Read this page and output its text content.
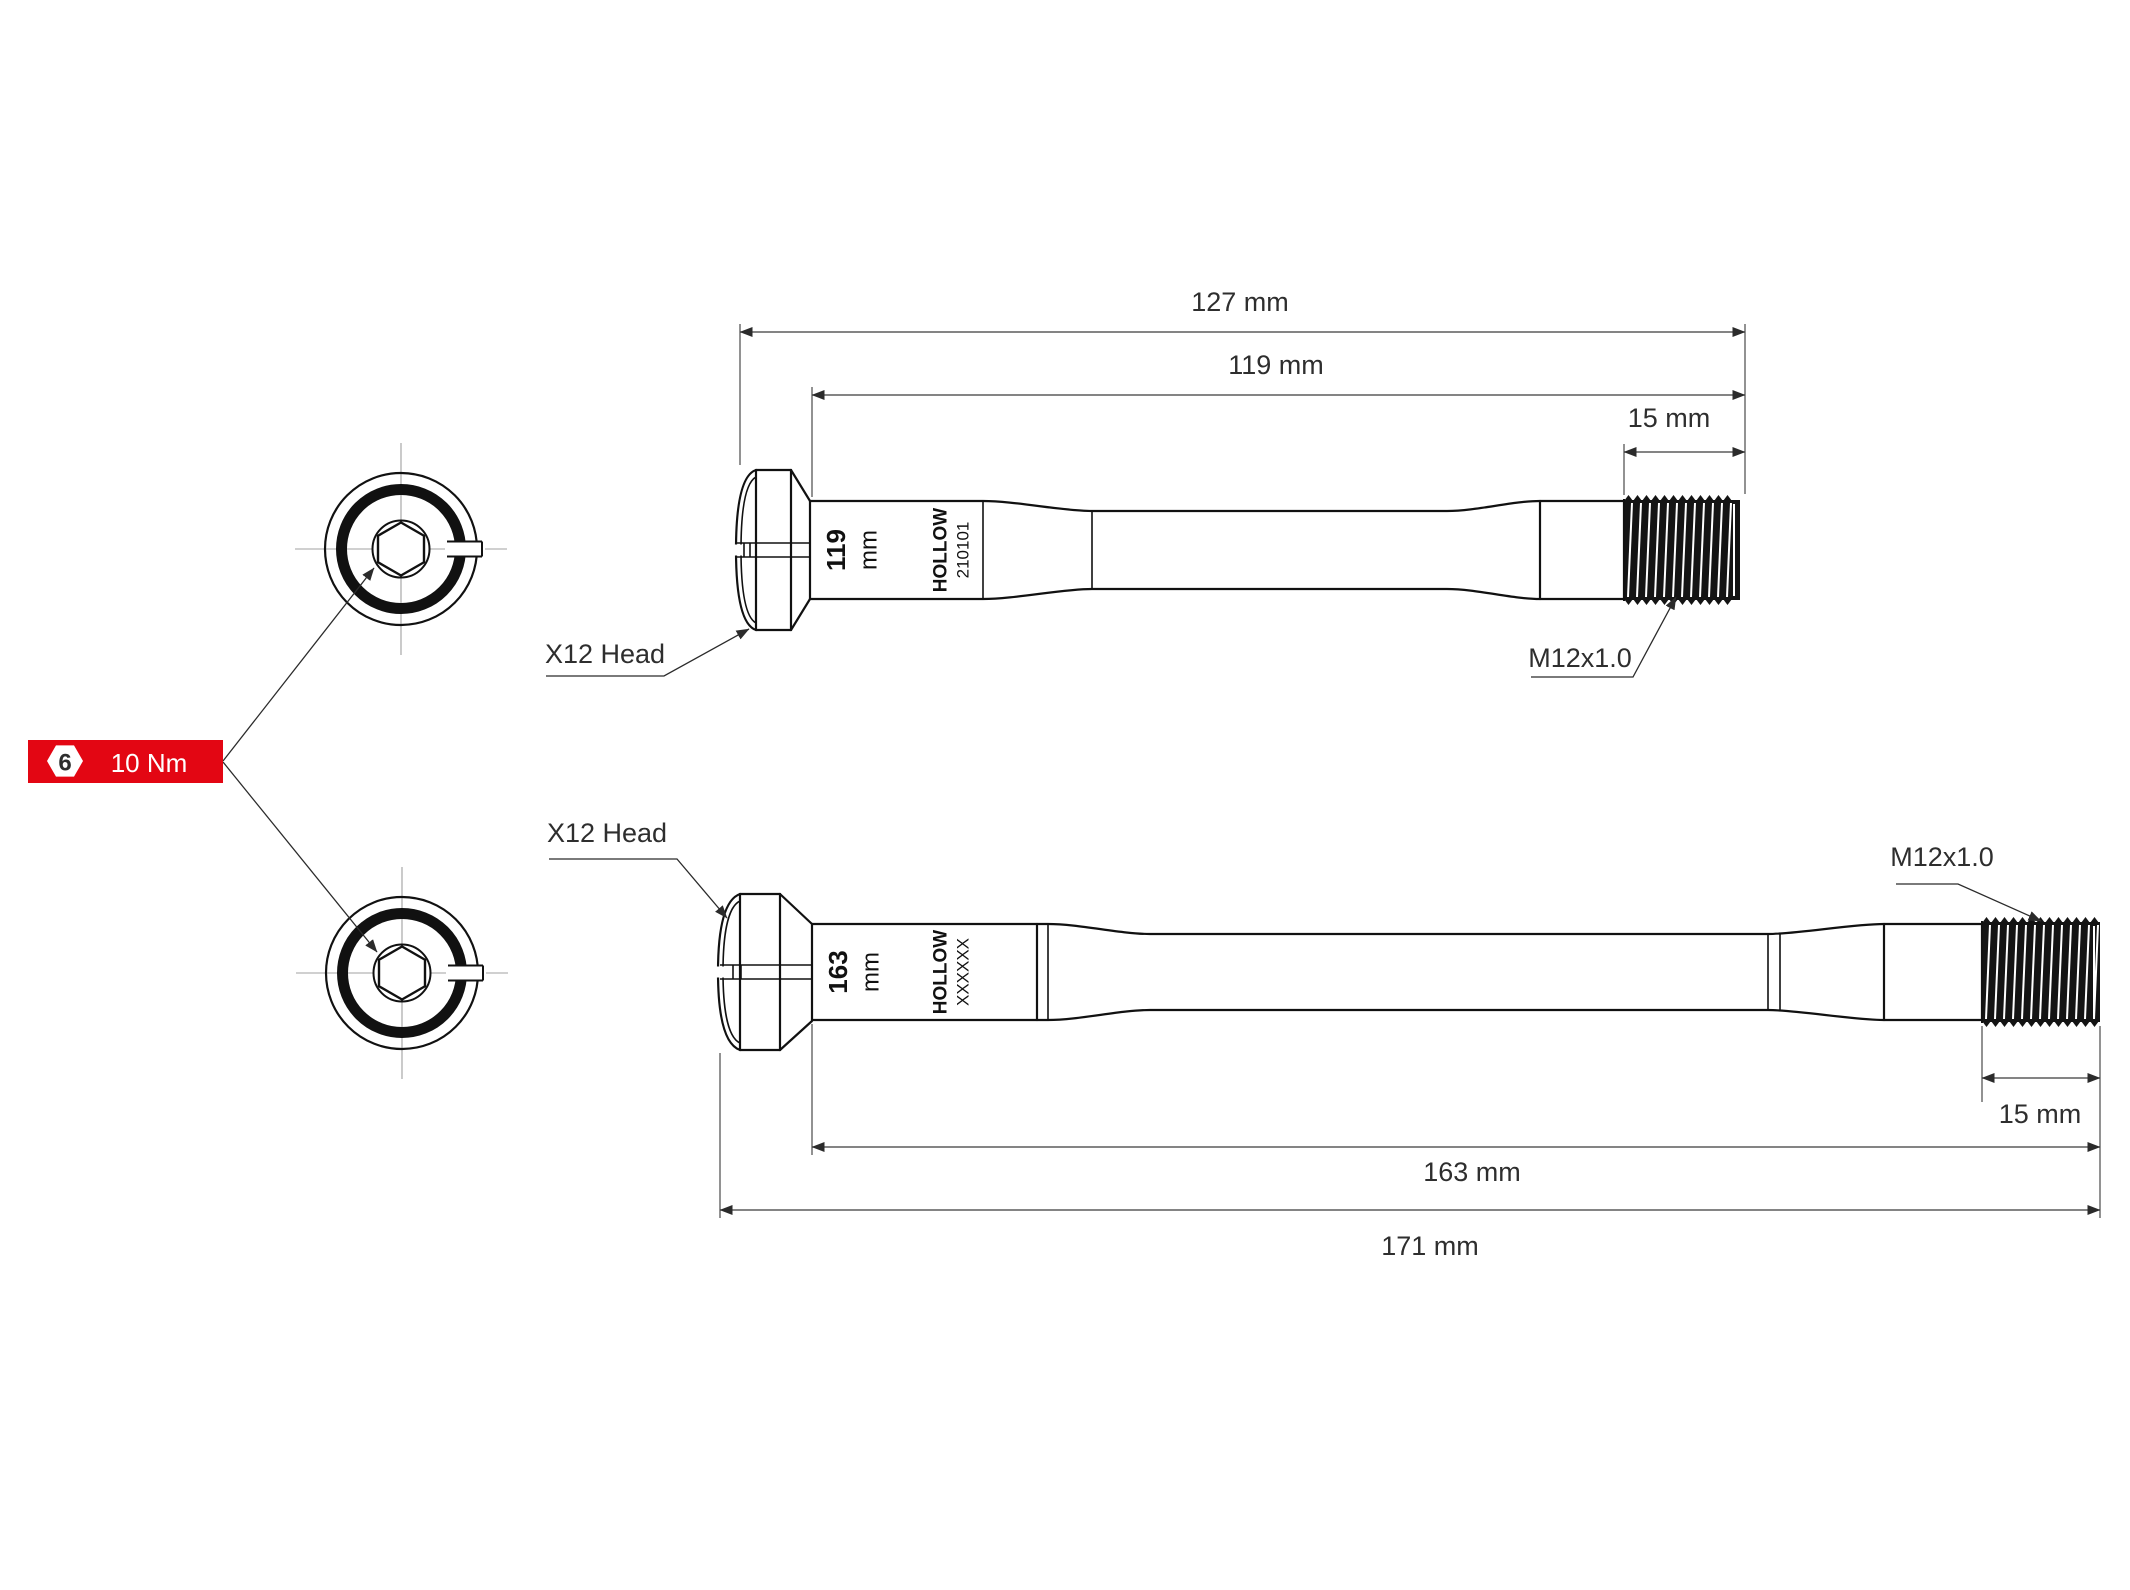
119 mm	HOLLOW 210101
127 mm
119 mm
15 mm
X12 Head	M12x1.0
163 mm HOLLOW XXXXXX
15 mm
163 mm
171 mm
X12 Head
M12x1.0
6 10 Nm
